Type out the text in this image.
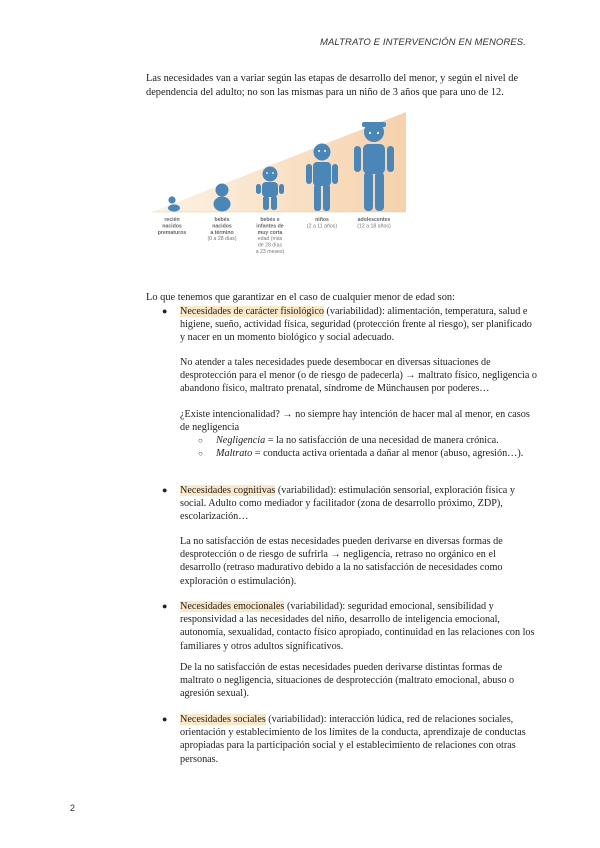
MALTRATO E INTERVENCIÓN EN MENORES.

Las necesidades van a variar según las etapas de desarrollo del menor, y según el nivel de dependencia del adulto; no son las mismas para un niño de 3 años que para uno de 12.

recién nacidos prematuros
bebés nacidos a término (0 a 28 días)
bebés e infantes de muy corta edad (más de 28 días a 23 meses)
niños (2 a 11 años)
adolescentes (12 a 18 años)

Lo que tenemos que garantizar en el caso de cualquier menor de edad son:

● Necesidades de carácter fisiológico (variabilidad): alimentación, temperatura, salud e higiene, sueño, actividad física, seguridad (protección frente al riesgo), ser planificado y nacer en un momento biológico y social adecuado.
No atender a tales necesidades puede desembocar en diversas situaciones de desprotección para el menor (o de riesgo de padecerla) → maltrato físico, negligencia o abandono físico, maltrato prenatal, síndrome de Münchausen por poderes…
¿Existe intencionalidad? → no siempre hay intención de hacer mal al menor, en casos de negligencia
○ Negligencia = la no satisfacción de una necesidad de manera crónica.
○ Maltrato = conducta activa orientada a dañar al menor (abuso, agresión…).
● Necesidades cognitivas (variabilidad): estimulación sensorial, exploración física y social. Adulto como mediador y facilitador (zona de desarrollo próximo, ZDP), escolarización…
La no satisfacción de estas necesidades pueden derivarse en diversas formas de desprotección o de riesgo de sufrirla → negligencia, retraso no orgánico en el desarrollo (retraso madurativo debido a la no satisfacción de necesidades como exploración o estimulación).
● Necesidades emocionales (variabilidad): seguridad emocional, sensibilidad y responsividad a las necesidades del niño, desarrollo de inteligencia emocional, autonomía, sexualidad, contacto físico apropiado, continuidad en las relaciones con los familiares y otros adultos significativos.
De la no satisfacción de estas necesidades pueden derivarse distintas formas de maltrato o negligencia, situaciones de desprotección (maltrato emocional, abuso o agresión sexual).
● Necesidades sociales (variabilidad): interacción lúdica, red de relaciones sociales, orientación y establecimiento de los límites de la conducta, aprendizaje de conductas apropiadas para la participación social y el establecimiento de relaciones con otras personas.
2
